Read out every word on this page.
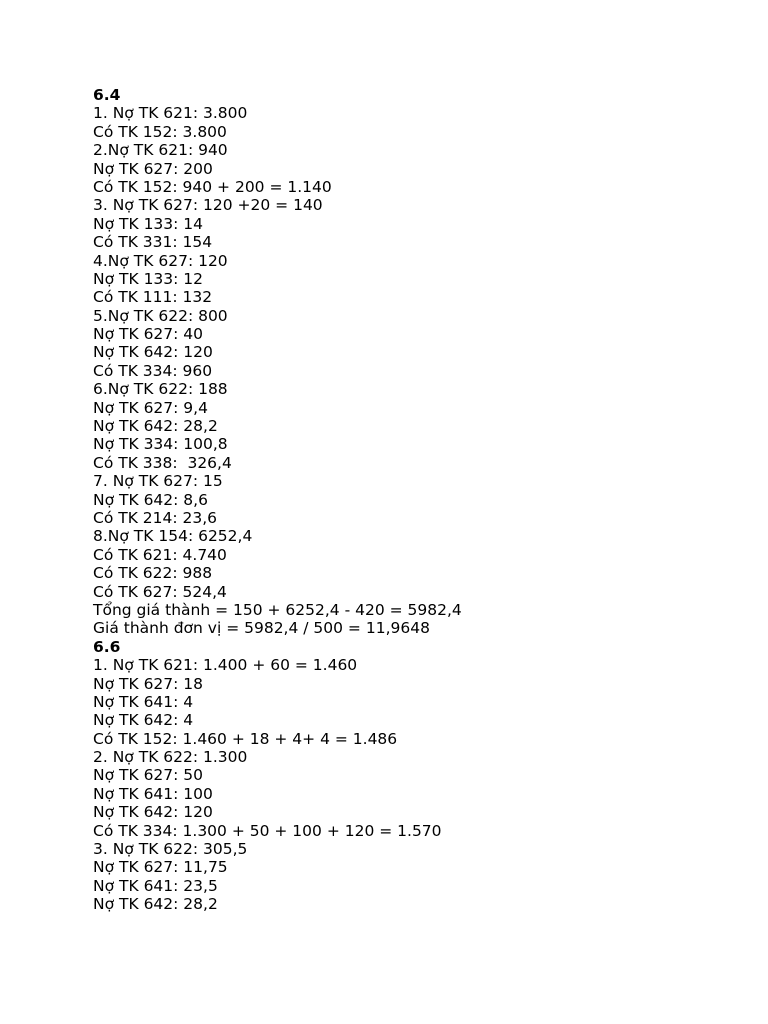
6.4
1. Nợ TK 621: 3.800
Có TK 152: 3.800
2.Nợ TK 621: 940
Nợ TK 627: 200
Có TK 152: 940 + 200 = 1.140
3. Nợ TK 627: 120 +20 = 140
Nợ TK 133: 14
Có TK 331: 154
4.Nợ TK 627: 120
Nợ TK 133: 12
Có TK 111: 132
5.Nợ TK 622: 800
Nợ TK 627: 40
Nợ TK 642: 120
Có TK 334: 960
6.Nợ TK 622: 188
Nợ TK 627: 9,4
Nợ TK 642: 28,2
Nợ TK 334: 100,8
Có TK 338:  326,4
7. Nợ TK 627: 15
Nợ TK 642: 8,6
Có TK 214: 23,6
8.Nợ TK 154: 6252,4
Có TK 621: 4.740
Có TK 622: 988
Có TK 627: 524,4
Tổng giá thành = 150 + 6252,4 - 420 = 5982,4
Giá thành đơn vị = 5982,4 / 500 = 11,9648
6.6
1. Nợ TK 621: 1.400 + 60 = 1.460
Nợ TK 627: 18
Nợ TK 641: 4
Nợ TK 642: 4
Có TK 152: 1.460 + 18 + 4+ 4 = 1.486
2. Nợ TK 622: 1.300
Nợ TK 627: 50
Nợ TK 641: 100
Nợ TK 642: 120
Có TK 334: 1.300 + 50 + 100 + 120 = 1.570
3. Nợ TK 622: 305,5
Nợ TK 627: 11,75
Nợ TK 641: 23,5
Nợ TK 642: 28,2
